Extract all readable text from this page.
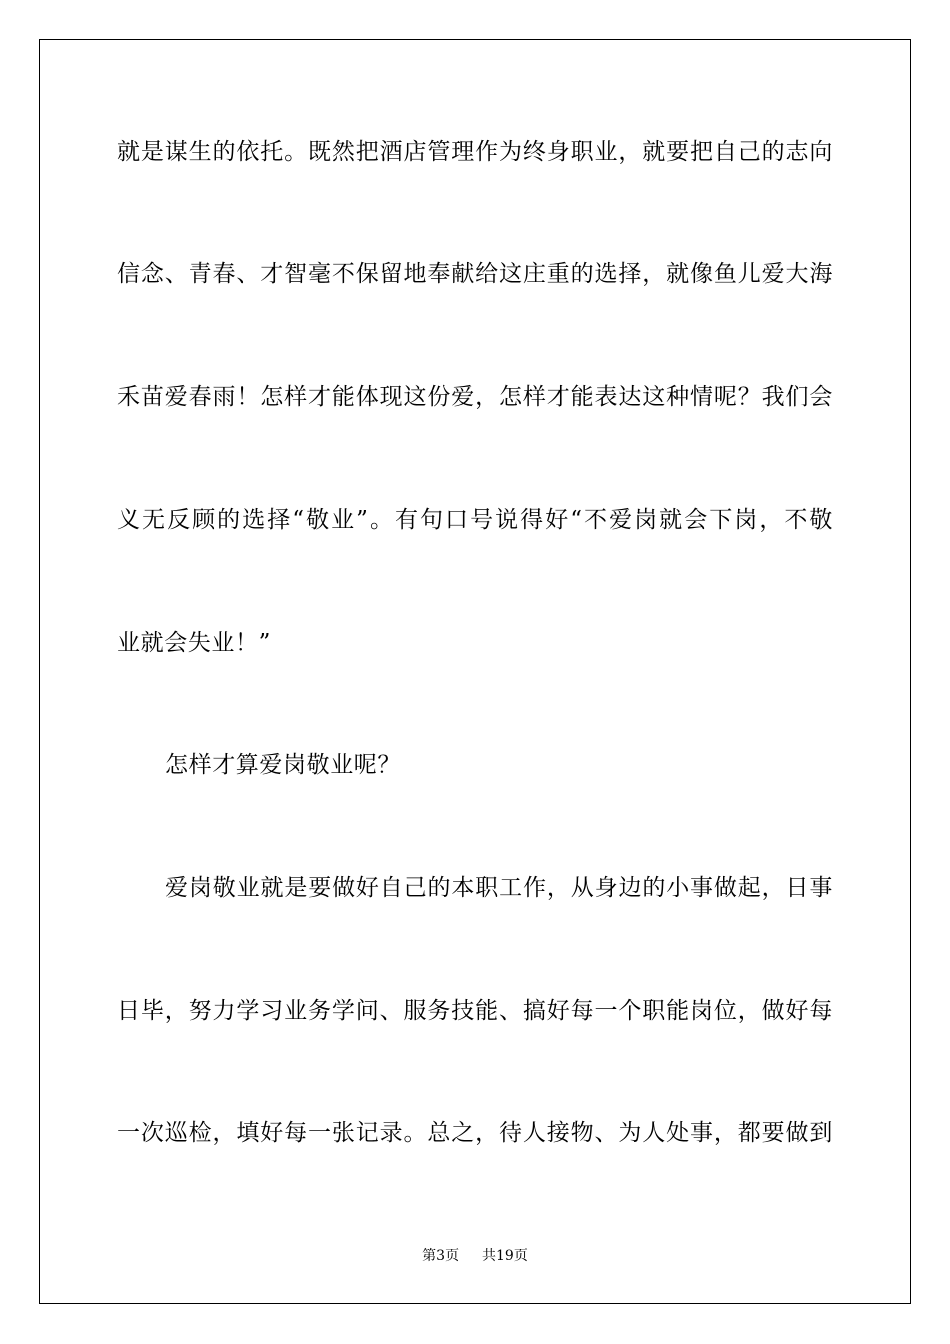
就是谋生的依托。既然把酒店管理作为终身职业，就要把自己的志向
信念、青春、才智毫不保留地奉献给这庄重的选择，就像鱼儿爱大海
禾苗爱春雨！怎样才能体现这份爱，怎样才能表达这种情呢？我们会
义无反顾的选择“敬业”。有句口号说得好“不爱岗就会下岗，不敬
业就会失业！”
怎样才算爱岗敬业呢？
爱岗敬业就是要做好自己的本职工作，从身边的小事做起，日事
日毕，努力学习业务学问、服务技能、搞好每一个职能岗位，做好每
一次巡检，填好每一张记录。总之，待人接物、为人处事，都要做到
第3页 共19页
